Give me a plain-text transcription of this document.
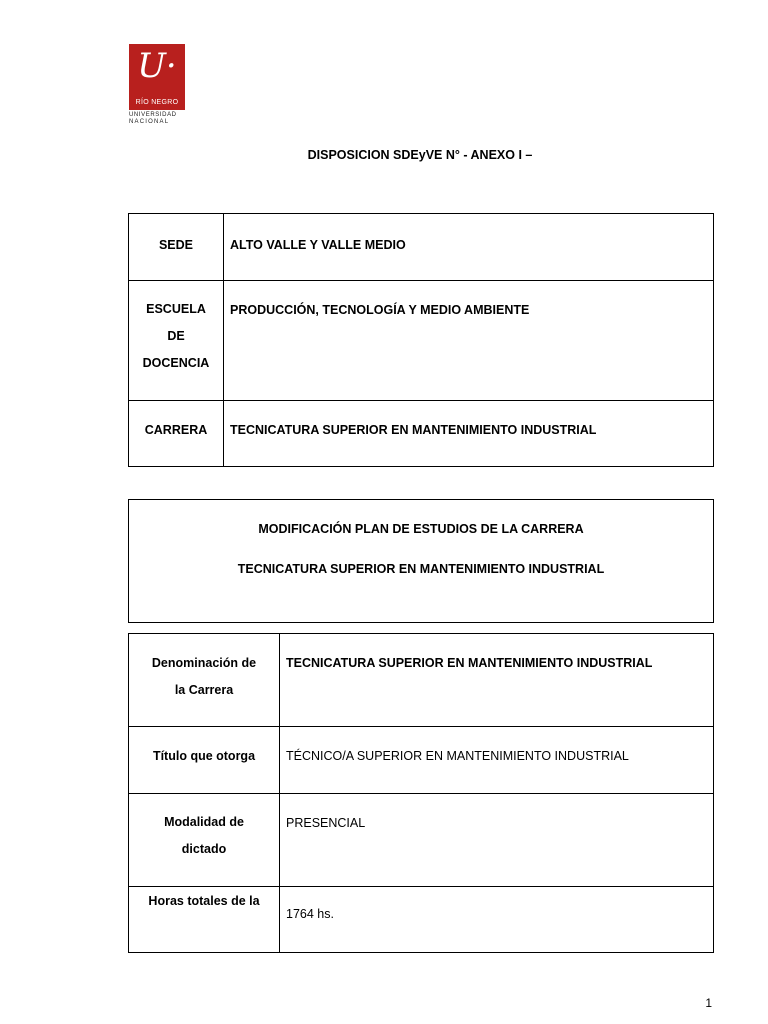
U·
RÍO NEGRO
UNIVERSIDAD
NACIONAL
DISPOSICION SDEyVE N° - ANEXO I –
SEDE	ALTO VALLE Y VALLE MEDIO

ESCUELA
DE
DOCENCIA	PRODUCCIÓN, TECNOLOGÍA Y MEDIO AMBIENTE
CARRERA	TECNICATURA SUPERIOR EN MANTENIMIENTO INDUSTRIAL
MODIFICACIÓN PLAN DE ESTUDIOS DE LA CARRERA
TECNICATURA SUPERIOR EN MANTENIMIENTO INDUSTRIAL
Denominación de
la Carrera	TECNICATURA SUPERIOR EN MANTENIMIENTO INDUSTRIAL
Título que otorga	TÉCNICO/A SUPERIOR EN MANTENIMIENTO INDUSTRIAL

Modalidad de
dictado	PRESENCIAL
Horas totales de la	1764 hs.
1
